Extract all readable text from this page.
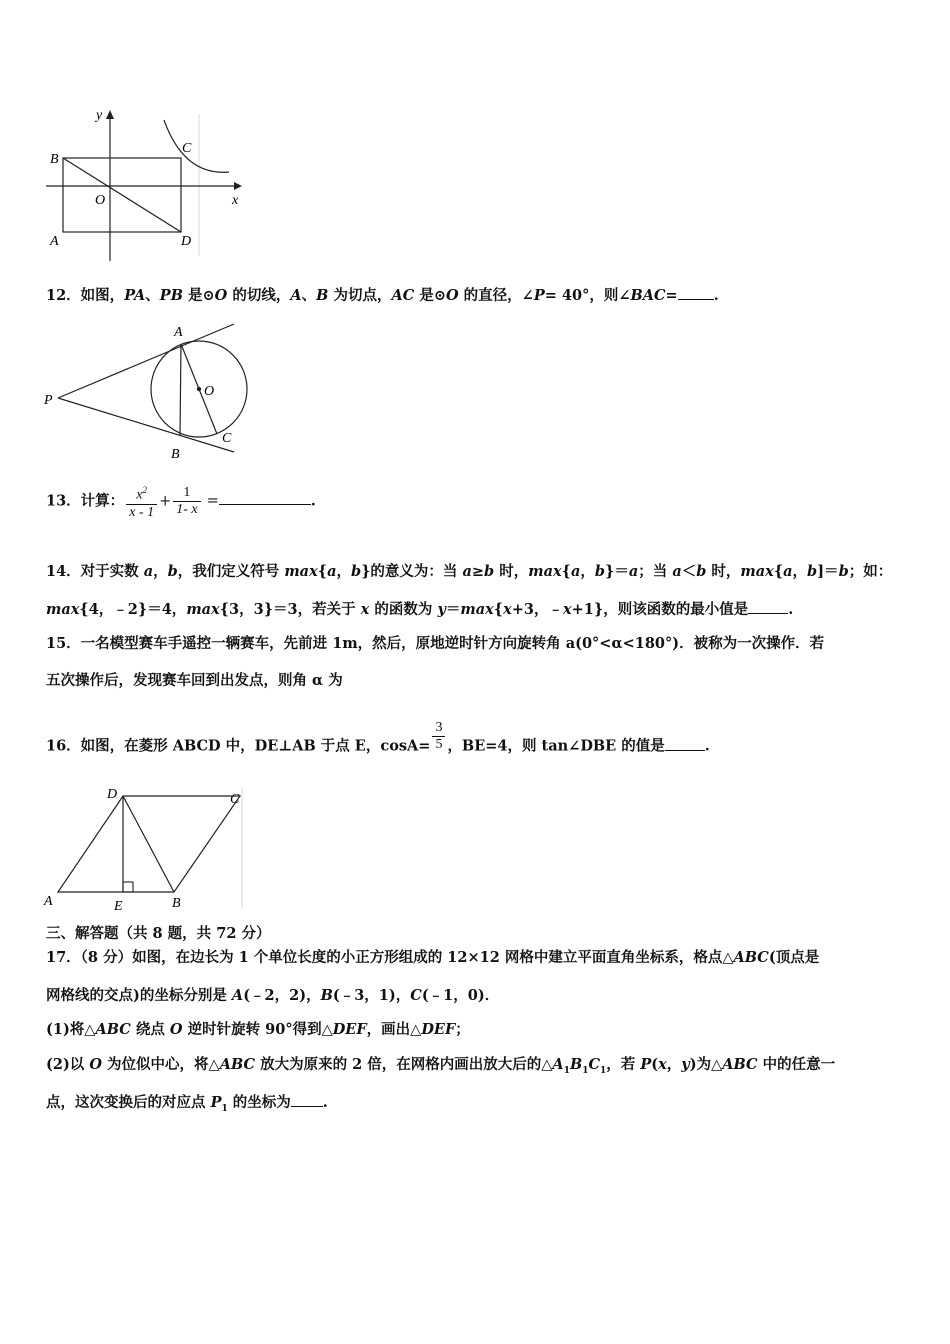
y
x
B
C
O
A	D
12．如图，PA、PB 是⊙O 的切线，A、B 为切点，AC 是⊙O 的直径，∠P= 40°，则∠BAC= .
A
O
P
B
C
13．计算： $\frac{x^2}{x - 1} + \frac{1}{1- x}$ =	.
14．对于实数 a，b，我们定义符号 max{a，b}的意义为：当 a≥b 时，max{a，b}＝a；当 a＜b 时，max{a，b]＝b；如：
max{4，﹣2}＝4，max{3，3}＝3，若关于 x 的函数为 y＝max{x+3，﹣x+1}，则该函数的最小值是	.
15．一名模型赛车手遥控一辆赛车，先前进 1m，然后，原地逆时针方向旋转角 a(0°<α<180°)．被称为一次操作．若
五次操作后，发现赛车回到出发点，则角 α 为
16．如图，在菱形 ABCD 中，DE⊥AB 于点 E，$\cos A= \frac{3}{5}$ ，BE=4，则 tan∠DBE 的值是	.
D	C
A	E	B
三、解答题（共 8 题，共 72 分）
17．（8 分）如图，在边长为 1 个单位长度的小正方形组成的 12×12 网格中建立平面直角坐标系，格点△ABC(顶点是
网格线的交点)的坐标分别是 A(﹣2，2)，B(﹣3，1)，C(﹣1，0)．
(1)将△ABC 绕点 O 逆时针旋转 90°得到△DEF，画出△DEF；
(2)以 O 为位似中心，将△ABC 放大为原来的 2 倍，在网格内画出放大后的$\triangle A_1B_1C_1$，若 P(x，y)为△ABC 中的任意一
点，这次变换后的对应点 $P_1$ 的坐标为 .
